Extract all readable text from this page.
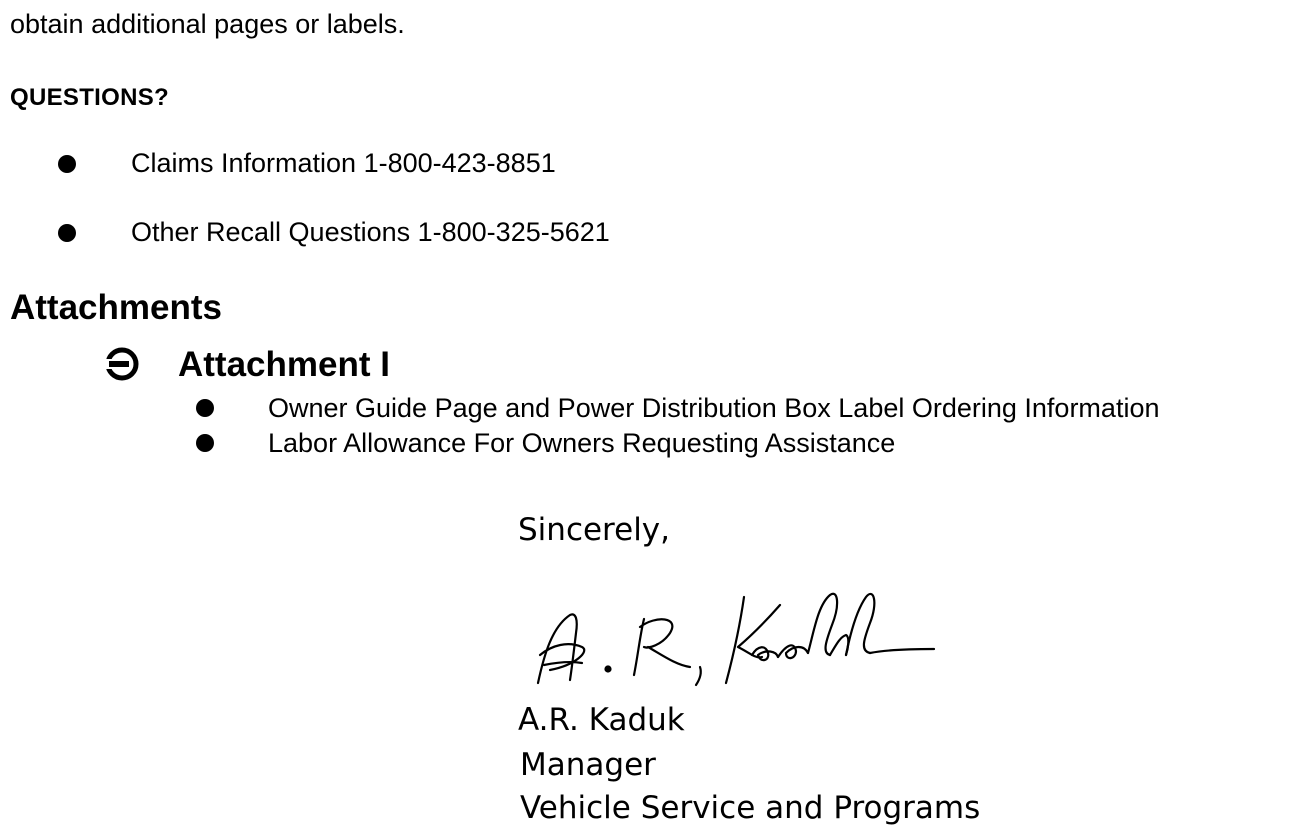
obtain additional pages or labels.
QUESTIONS?
Claims Information 1-800-423-8851
Other Recall Questions 1-800-325-5621
Attachments
Attachment I
Owner Guide Page and Power Distribution Box Label Ordering Information
Labor Allowance For Owners Requesting Assistance
Sincerely,
A.R. Kaduk
Manager
Vehicle Service and Programs
